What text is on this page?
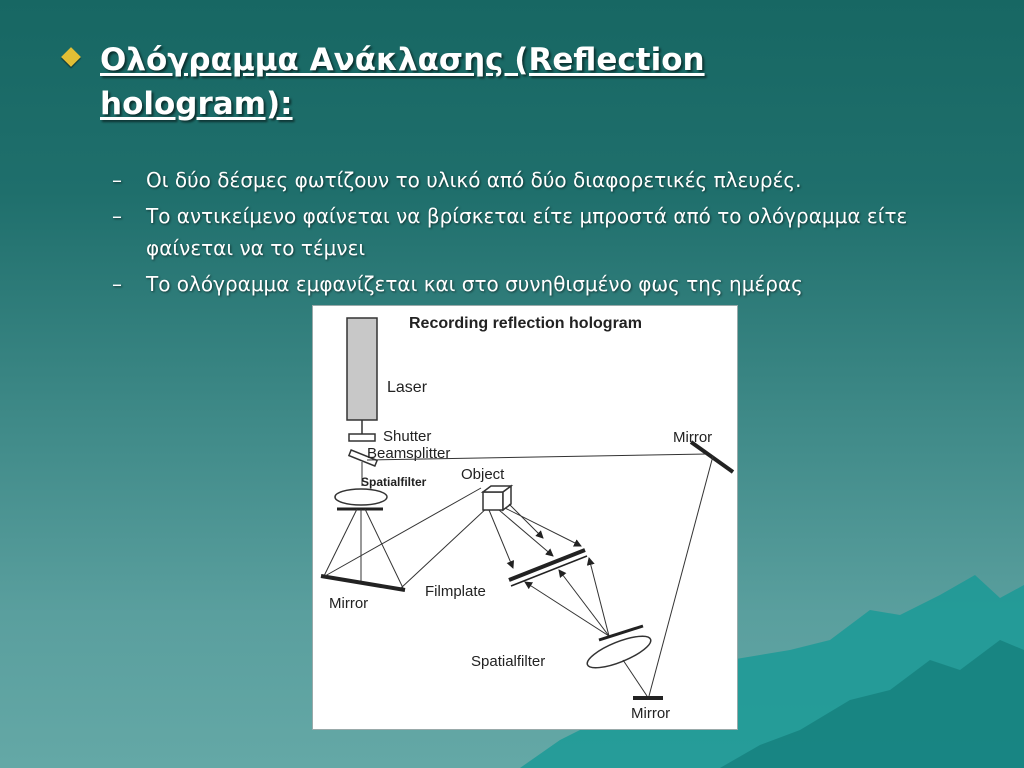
Ολόγραμμα Ανάκλασης (Reflection hologram):
– Οι δύο δέσμες φωτίζουν το υλικό από δύο διαφορετικές πλευρές.
– Το αντικείμενο φαίνεται να βρίσκεται είτε μπροστά από το ολόγραμμα είτε φαίνεται να το τέμνει
– Το ολόγραμμα εμφανίζεται και στο συνηθισμένο φως της ημέρας
Recording reflection hologram
Laser
Shutter
Beamsplitter
Mirror
Spatialfilter
Mirror
Object
Filmplate
Spatialfilter
Mirror
